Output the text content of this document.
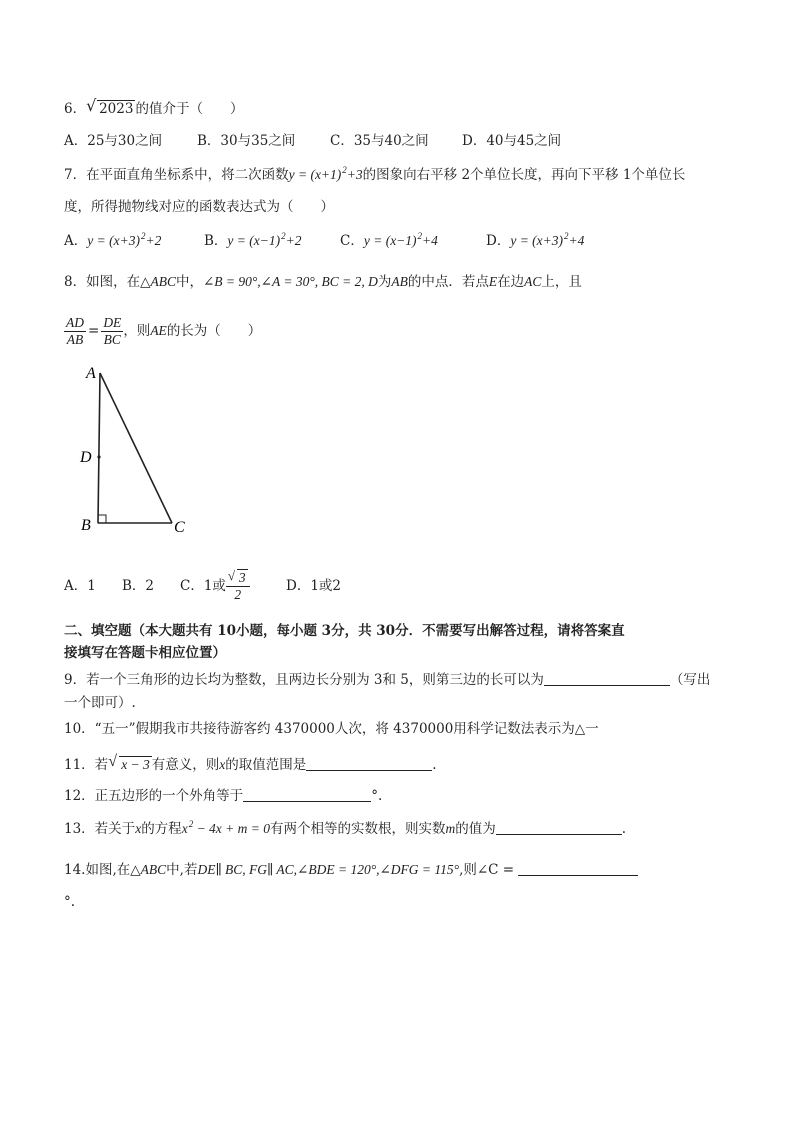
6． √ 2023 的值介于（　　）
A．25与30之间	B．30与35之间	C．35与40之间 D．40与45之间
7．在平面直角坐标系中，将二次函数$y = (x+1)^2+3$的图象向右平移 2个单位长度，再向下平移 1个单位长
度，所得抛物线对应的函数表达式为（　　）
A．$y = (x+3)^2+2$	B．$y = (x-1)^2+2$	C．$y = (x-1)^2+4$	D．$y = (x+3)^2+4$
8．如图，在△ABC中，∠B = 90°,∠A = 30°, BC = 2, D为AB的中点．若点E在边AC上，且
$\frac{AD}{AB} = \frac{DE}{BC}$ ，则AE的长为（　　）
A
D
B	C
A．1 B．2 C．1或 $\frac{√ 3}{2}$	D．1或2
二、填空题（本大题共有 10小题，每小题 3分，共 30分．不需要写出解答过程，请将答案直
接填写在答题卡相应位置）
9．若一个三角形的边长均为整数，且两边长分别为 3和 5，则第三边的长可以为	（写出
一个即可）.
10．“五一”假期我市共接待游客约 4370000人次，将 4370000用科学记数法表示为△一
11．若 √ x − 3 有意义，则x的取值范围是	.
12．正五边形的一个外角等于	°.
13．若关于x的方程$x^2 - 4x + m = 0$有两个相等的实数根，则实数m的值为	.
14.如图,在△ABC中,若DE∥ BC, FG∥ AC,∠BDE = 120°,∠DFG = 115°,则∠C =
°.
